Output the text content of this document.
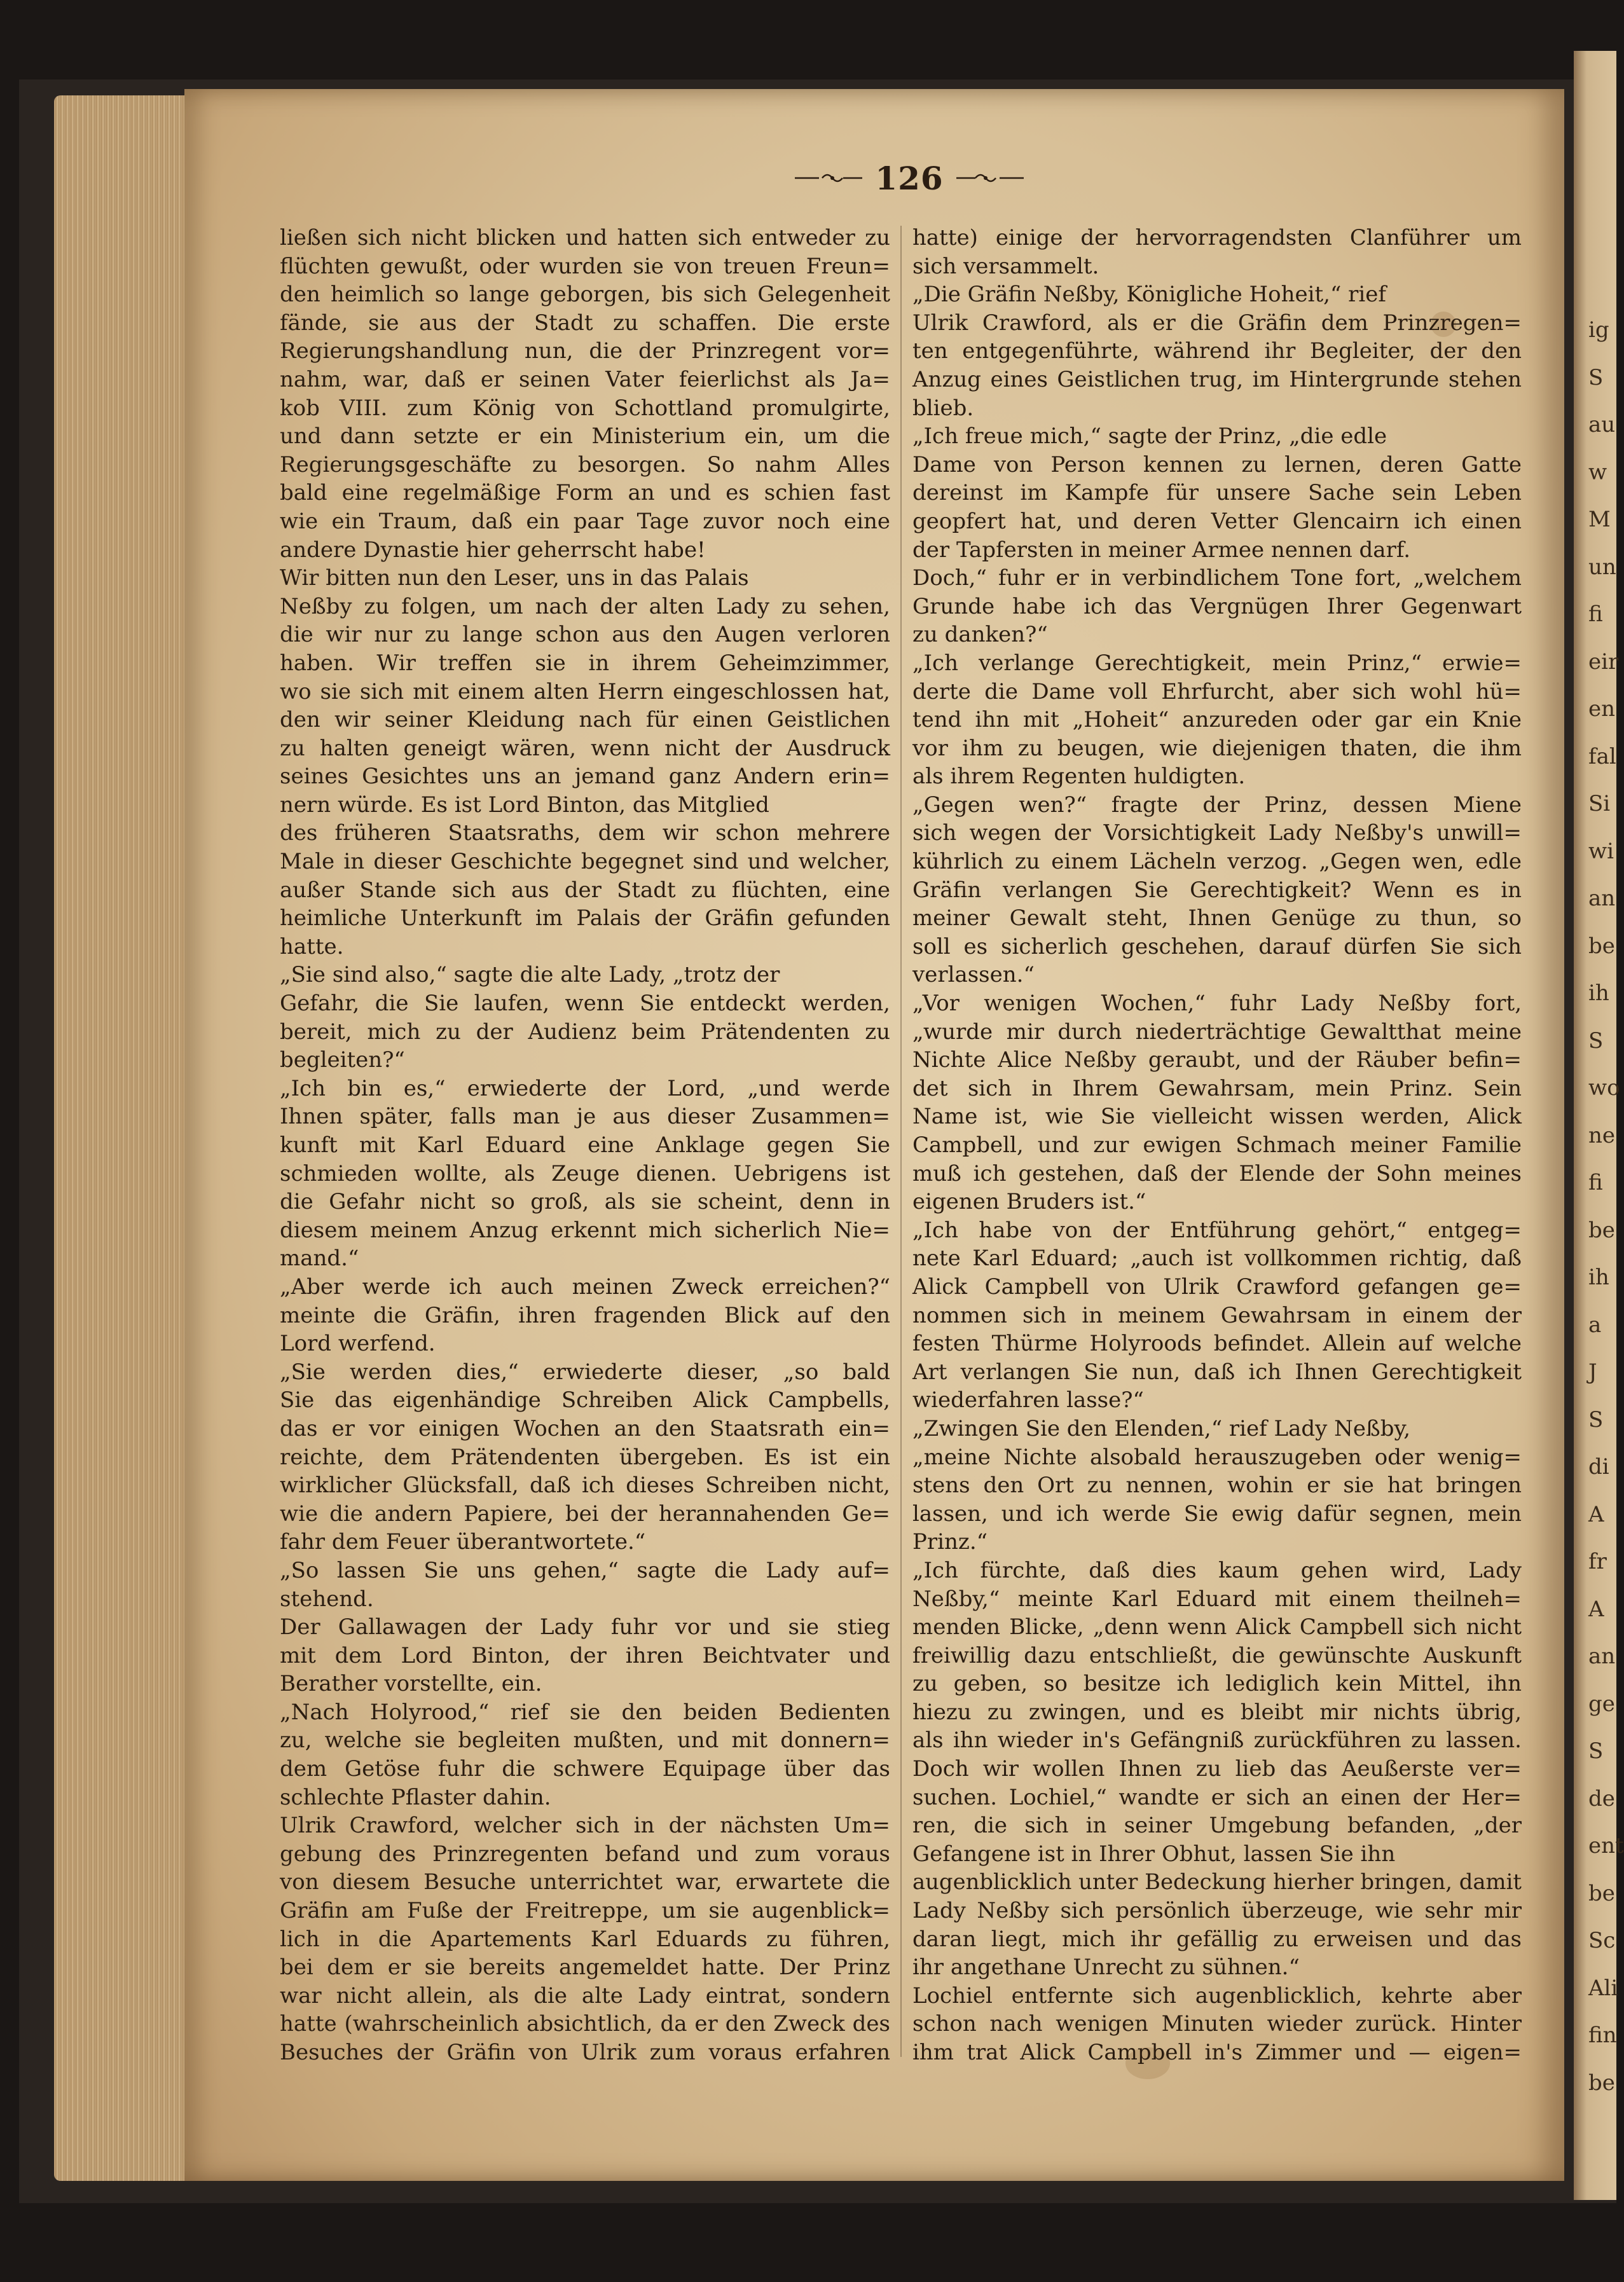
ig
S
au
w
M
un
fi
eir
en
fal
Si
wi
an
be
ih
S
wo
ne
fi
be
ih
a
J
S
di
A
fr
A
an
ge
S
de
ent
be
Sc
Ali
fin
be
126
ließen sich nicht blicken und hatten sich entweder zu
flüchten gewußt, oder wurden sie von treuen Freun=
den heimlich so lange geborgen, bis sich Gelegenheit
fände, sie aus der Stadt zu schaffen. Die erste
Regierungshandlung nun, die der Prinzregent vor=
nahm, war, daß er seinen Vater feierlichst als Ja=
kob VIII. zum König von Schottland promulgirte,
und dann setzte er ein Ministerium ein, um die
Regierungsgeschäfte zu besorgen. So nahm Alles
bald eine regelmäßige Form an und es schien fast
wie ein Traum, daß ein paar Tage zuvor noch eine
andere Dynastie hier geherrscht habe!
Wir bitten nun den Leser, uns in das Palais
Neßby zu folgen, um nach der alten Lady zu sehen,
die wir nur zu lange schon aus den Augen verloren
haben. Wir treffen sie in ihrem Geheimzimmer,
wo sie sich mit einem alten Herrn eingeschlossen hat,
den wir seiner Kleidung nach für einen Geistlichen
zu halten geneigt wären, wenn nicht der Ausdruck
seines Gesichtes uns an jemand ganz Andern erin=
nern würde. Es ist Lord Binton, das Mitglied
des früheren Staatsraths, dem wir schon mehrere
Male in dieser Geschichte begegnet sind und welcher,
außer Stande sich aus der Stadt zu flüchten, eine
heimliche Unterkunft im Palais der Gräfin gefunden
hatte.
„Sie sind also,“ sagte die alte Lady, „trotz der
Gefahr, die Sie laufen, wenn Sie entdeckt werden,
bereit, mich zu der Audienz beim Prätendenten zu
begleiten?“
„Ich bin es,“ erwiederte der Lord, „und werde
Ihnen später, falls man je aus dieser Zusammen=
kunft mit Karl Eduard eine Anklage gegen Sie
schmieden wollte, als Zeuge dienen. Uebrigens ist
die Gefahr nicht so groß, als sie scheint, denn in
diesem meinem Anzug erkennt mich sicherlich Nie=
mand.“
„Aber werde ich auch meinen Zweck erreichen?“
meinte die Gräfin, ihren fragenden Blick auf den
Lord werfend.
„Sie werden dies,“ erwiederte dieser, „so bald
Sie das eigenhändige Schreiben Alick Campbells,
das er vor einigen Wochen an den Staatsrath ein=
reichte, dem Prätendenten übergeben. Es ist ein
wirklicher Glücksfall, daß ich dieses Schreiben nicht,
wie die andern Papiere, bei der herannahenden Ge=
fahr dem Feuer überantwortete.“
„So lassen Sie uns gehen,“ sagte die Lady auf=
stehend.
Der Gallawagen der Lady fuhr vor und sie stieg
mit dem Lord Binton, der ihren Beichtvater und
Berather vorstellte, ein.
„Nach Holyrood,“ rief sie den beiden Bedienten
zu, welche sie begleiten mußten, und mit donnern=
dem Getöse fuhr die schwere Equipage über das
schlechte Pflaster dahin.
Ulrik Crawford, welcher sich in der nächsten Um=
gebung des Prinzregenten befand und zum voraus
von diesem Besuche unterrichtet war, erwartete die
Gräfin am Fuße der Freitreppe, um sie augenblick=
lich in die Apartements Karl Eduards zu führen,
bei dem er sie bereits angemeldet hatte. Der Prinz
war nicht allein, als die alte Lady eintrat, sondern
hatte (wahrscheinlich absichtlich, da er den Zweck des
Besuches der Gräfin von Ulrik zum voraus erfahren
hatte) einige der hervorragendsten Clanführer um
sich versammelt.
„Die Gräfin Neßby, Königliche Hoheit,“ rief
Ulrik Crawford, als er die Gräfin dem Prinzregen=
ten entgegenführte, während ihr Begleiter, der den
Anzug eines Geistlichen trug, im Hintergrunde stehen
blieb.
„Ich freue mich,“ sagte der Prinz, „die edle
Dame von Person kennen zu lernen, deren Gatte
dereinst im Kampfe für unsere Sache sein Leben
geopfert hat, und deren Vetter Glencairn ich einen
der Tapfersten in meiner Armee nennen darf.
Doch,“ fuhr er in verbindlichem Tone fort, „welchem
Grunde habe ich das Vergnügen Ihrer Gegenwart
zu danken?“
„Ich verlange Gerechtigkeit, mein Prinz,“ erwie=
derte die Dame voll Ehrfurcht, aber sich wohl hü=
tend ihn mit „Hoheit“ anzureden oder gar ein Knie
vor ihm zu beugen, wie diejenigen thaten, die ihm
als ihrem Regenten huldigten.
„Gegen wen?“ fragte der Prinz, dessen Miene
sich wegen der Vorsichtigkeit Lady Neßby's unwill=
kührlich zu einem Lächeln verzog. „Gegen wen, edle
Gräfin verlangen Sie Gerechtigkeit? Wenn es in
meiner Gewalt steht, Ihnen Genüge zu thun, so
soll es sicherlich geschehen, darauf dürfen Sie sich
verlassen.“
„Vor wenigen Wochen,“ fuhr Lady Neßby fort,
„wurde mir durch niederträchtige Gewaltthat meine
Nichte Alice Neßby geraubt, und der Räuber befin=
det sich in Ihrem Gewahrsam, mein Prinz. Sein
Name ist, wie Sie vielleicht wissen werden, Alick
Campbell, und zur ewigen Schmach meiner Familie
muß ich gestehen, daß der Elende der Sohn meines
eigenen Bruders ist.“
„Ich habe von der Entführung gehört,“ entgeg=
nete Karl Eduard; „auch ist vollkommen richtig, daß
Alick Campbell von Ulrik Crawford gefangen ge=
nommen sich in meinem Gewahrsam in einem der
festen Thürme Holyroods befindet. Allein auf welche
Art verlangen Sie nun, daß ich Ihnen Gerechtigkeit
wiederfahren lasse?“
„Zwingen Sie den Elenden,“ rief Lady Neßby,
„meine Nichte alsobald herauszugeben oder wenig=
stens den Ort zu nennen, wohin er sie hat bringen
lassen, und ich werde Sie ewig dafür segnen, mein
Prinz.“
„Ich fürchte, daß dies kaum gehen wird, Lady
Neßby,“ meinte Karl Eduard mit einem theilneh=
menden Blicke, „denn wenn Alick Campbell sich nicht
freiwillig dazu entschließt, die gewünschte Auskunft
zu geben, so besitze ich lediglich kein Mittel, ihn
hiezu zu zwingen, und es bleibt mir nichts übrig,
als ihn wieder in's Gefängniß zurückführen zu lassen.
Doch wir wollen Ihnen zu lieb das Aeußerste ver=
suchen. Lochiel,“ wandte er sich an einen der Her=
ren, die sich in seiner Umgebung befanden, „der
Gefangene ist in Ihrer Obhut, lassen Sie ihn
augenblicklich unter Bedeckung hierher bringen, damit
Lady Neßby sich persönlich überzeuge, wie sehr mir
daran liegt, mich ihr gefällig zu erweisen und das
ihr angethane Unrecht zu sühnen.“
Lochiel entfernte sich augenblicklich, kehrte aber
schon nach wenigen Minuten wieder zurück. Hinter
ihm trat Alick Campbell in's Zimmer und — eigen=
